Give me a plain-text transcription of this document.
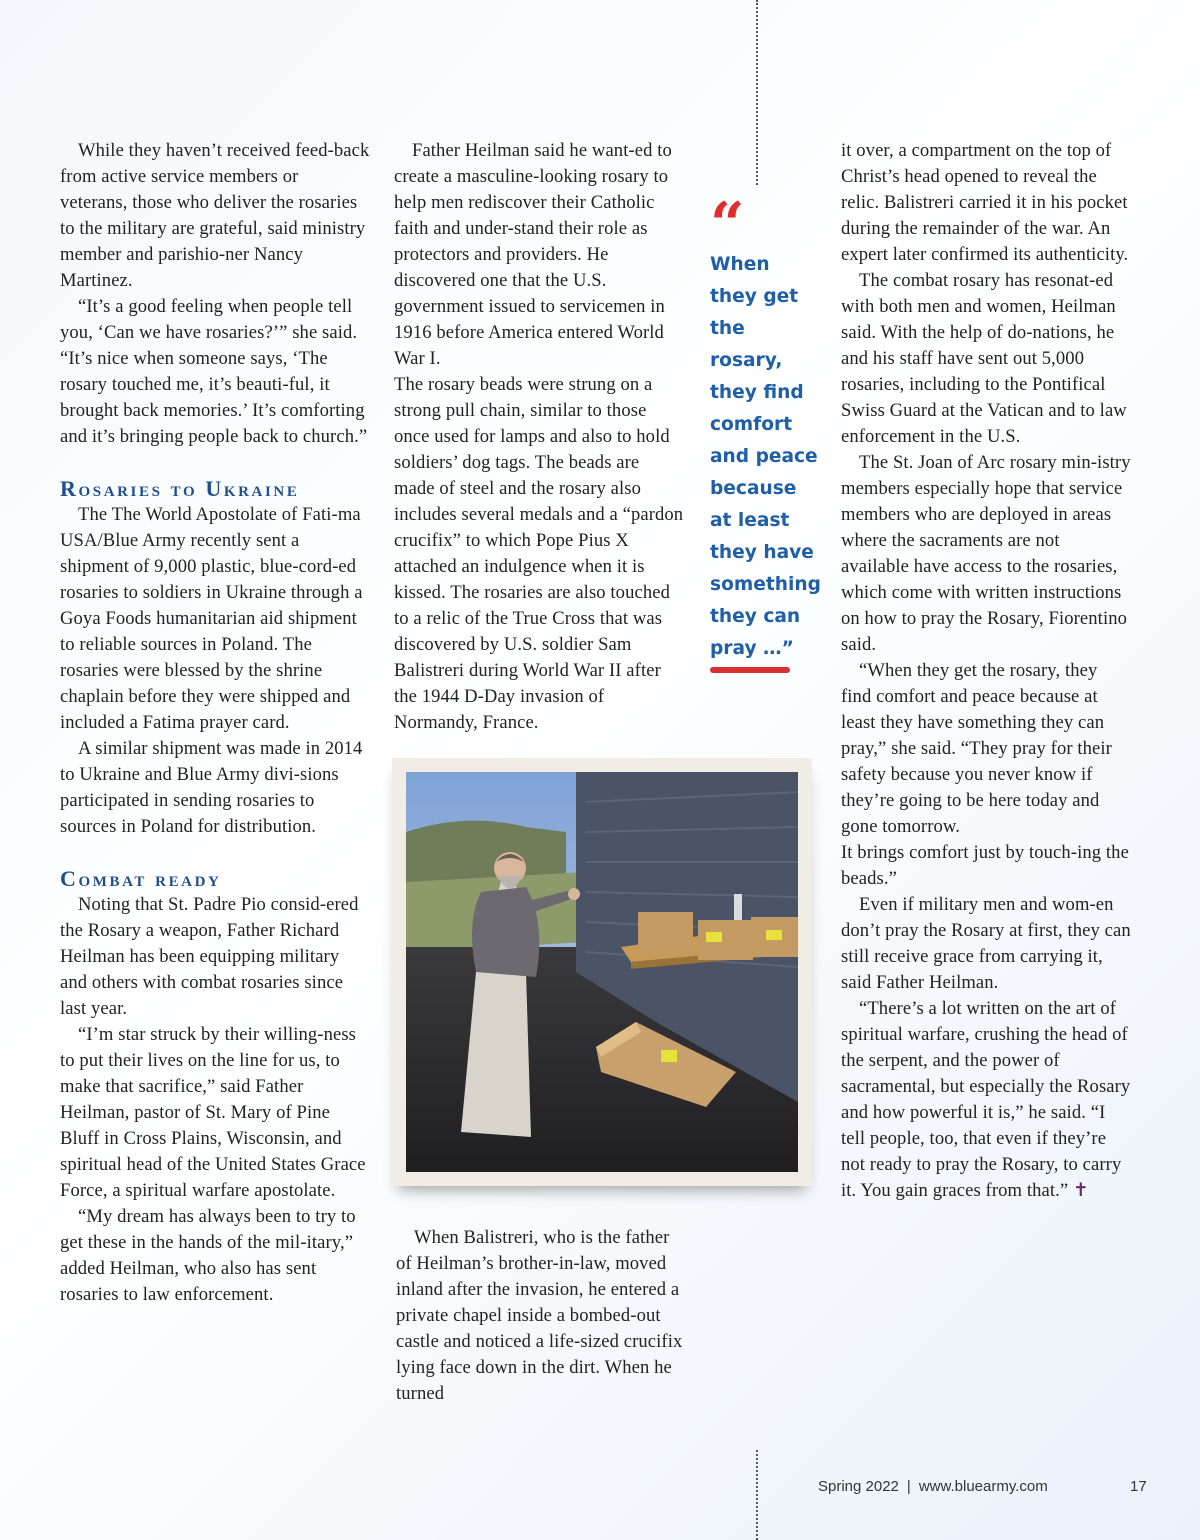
While they haven’t received feed-back from active service members or veterans, those who deliver the rosaries to the military are grateful, said ministry member and parishio-ner Nancy Martinez.

“It’s a good feeling when people tell you, ‘Can we have rosaries?’” she said. “It’s nice when someone says, ‘The rosary touched me, it’s beauti-ful, it brought back memories.’ It’s comforting and it’s bringing people back to church.”

Rosaries to Ukraine

The The World Apostolate of Fati-ma USA/Blue Army recently sent a shipment of 9,000 plastic, blue-cord-ed rosaries to soldiers in Ukraine through a Goya Foods humanitarian aid shipment to reliable sources in Poland. The rosaries were blessed by the shrine chaplain before they were shipped and included a Fatima prayer card.

A similar shipment was made in 2014 to Ukraine and Blue Army divi-sions participated in sending rosaries to sources in Poland for distribution.

Combat ready

Noting that St. Padre Pio consid-ered the Rosary a weapon, Father Richard Heilman has been equipping military and others with combat rosaries since last year.

“I’m star struck by their willing-ness to put their lives on the line for us, to make that sacrifice,” said Father Heilman, pastor of St. Mary of Pine Bluff in Cross Plains, Wisconsin, and spiritual head of the United States Grace Force, a spiritual warfare apostolate.

“My dream has always been to try to get these in the hands of the mil-itary,” added Heilman, who also has sent rosaries to law enforcement.

Father Heilman said he want-ed to create a masculine-looking rosary to help men rediscover their Catholic faith and under-stand their role as protectors and providers. He discovered one that the U.S. government issued to servicemen in 1916 before America entered World War I.

The rosary beads were strung on a strong pull chain, similar to those once used for lamps and also to hold soldiers’ dog tags. The beads are made of steel and the rosary also includes several medals and a “pardon crucifix” to which Pope Pius X attached an indulgence when it is kissed. The rosaries are also touched to a relic of the True Cross that was discovered by U.S. soldier Sam Balistreri during World War II after the 1944 D-Day invasion of Normandy, France.

When Balistreri, who is the father of Heilman’s brother-in-law, moved inland after the invasion, he entered a private chapel inside a bombed-out castle and noticed a life-sized crucifix lying face down in the dirt. When he turned

“
When
they get
the rosary,
they find
comfort
and peace
because
at least
they have
something
they can
pray …”

it over, a compartment on the top of Christ’s head opened to reveal the relic. Balistreri carried it in his pocket during the remainder of the war. An expert later confirmed its authenticity.

The combat rosary has resonat-ed with both men and women, Heilman said. With the help of do-nations, he and his staff have sent out 5,000 rosaries, including to the Pontifical Swiss Guard at the Vatican and to law enforcement in the U.S.

The St. Joan of Arc rosary min-istry members especially hope that service members who are deployed in areas where the sacraments are not available have access to the rosaries, which come with written instructions on how to pray the Rosary, Fiorentino said.

“When they get the rosary, they find comfort and peace because at least they have something they can pray,” she said. “They pray for their safety because you never know if they’re going to be here today and gone tomorrow.

It brings comfort just by touch-ing the beads.”

Even if military men and wom-en don’t pray the Rosary at first, they can still receive grace from carrying it, said Father Heilman.

“There’s a lot written on the art of spiritual warfare, crushing the head of the serpent, and the power of sacramental, but especially the Rosary and how powerful it is,” he said. “I tell people, too, that even if they’re not ready to pray the Rosary, to carry it. You gain graces from that.” ✝

Spring 2022 | www.bluearmy.com	17
